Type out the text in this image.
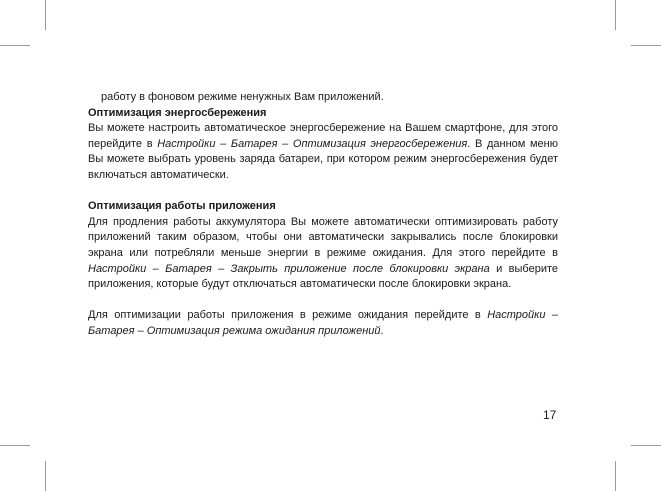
работу в фоновом режиме ненужных Вам приложений.

Оптимизация энергосбережения

Вы можете настроить автоматическое энергосбережение на Вашем смартфоне, для этого перейдите в Настройки – Батарея – Оптимизация энергосбережения. В данном меню Вы можете выбрать уровень заряда батареи, при котором режим энергосбережения будет включаться автоматически.

Оптимизация работы приложения

Для продления работы аккумулятора Вы можете автоматически оптимизировать работу приложений таким образом, чтобы они автоматически закрывались после блокировки экрана или потребляли меньше энергии в режиме ожидания. Для этого перейдите в Настройки – Батарея – Закрыть приложение после блокировки экрана и выберите приложения, которые будут отключаться автоматически после блокировки экрана.

Для оптимизации работы приложения в режиме ожидания перейдите в Настройки – Батарея – Оптимизация режима ожидания приложений.

17
